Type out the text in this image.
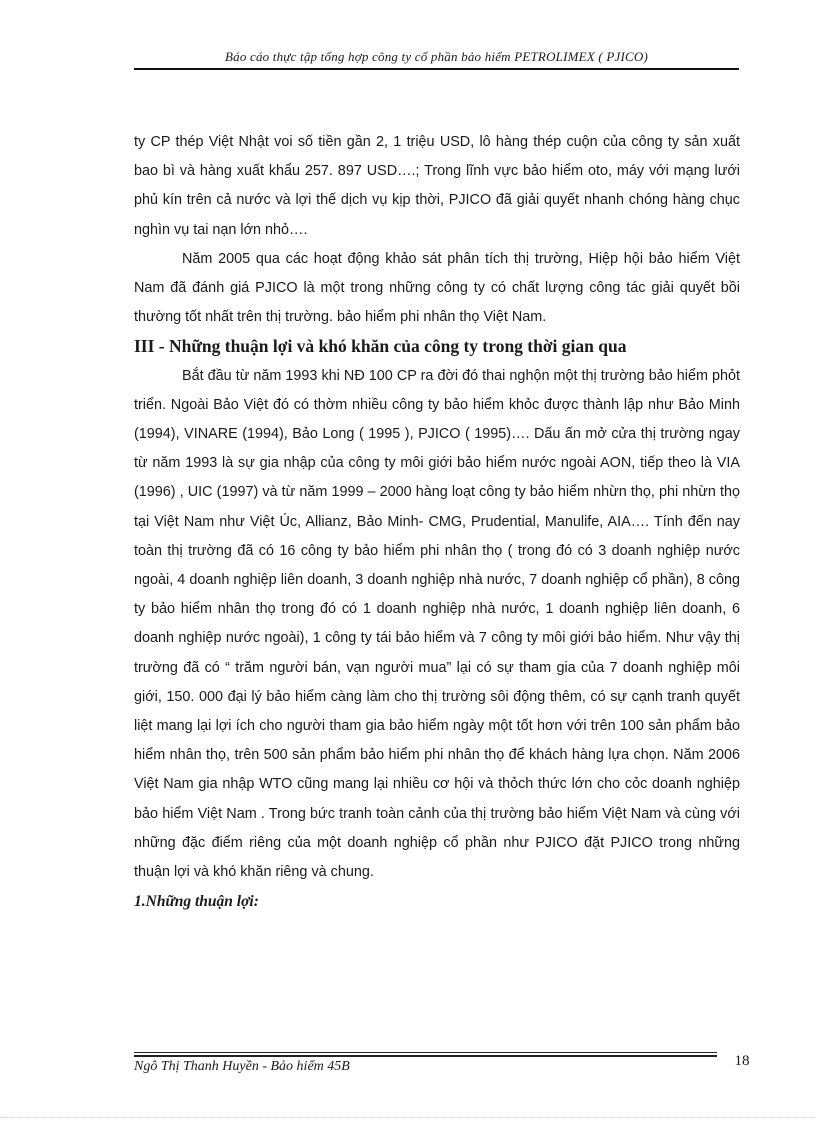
Báo cáo thực tập tổng hợp công ty cổ phần bảo hiểm PETROLIMEX ( PJICO)

ty CP thép Việt Nhật voi số tiền gần 2, 1 triệu USD, lô hàng thép cuộn của công ty sản xuất bao bì và hàng xuất khẩu 257. 897 USD….; Trong lĩnh vực bảo hiểm oto, máy với mạng lưới phủ kín trên cả nước và lợi thế dịch vụ kịp thời, PJICO đã giải quyết nhanh chóng hàng chục nghìn vụ tai nạn lớn nhỏ….

Năm 2005 qua các hoạt động khảo sát phân tích thị trường, Hiệp hội bảo hiểm Việt Nam đã đánh giá PJICO là một trong những công ty có chất lượng công tác giải quyết bồi thường tốt nhất trên thị trường. bảo hiểm phi nhân thọ Việt Nam.

III - Những thuận lợi và khó khăn của công ty trong thời gian qua

Bắt đầu từ năm 1993 khi NĐ 100 CP ra đời đó thai nghộn một thị trường bảo hiểm phỏt triển. Ngoài Bảo Việt đó có thờm nhiều công ty bảo hiểm khỏc được thành lập như Bảo Minh (1994), VINARE (1994), Bảo Long ( 1995 ), PJICO ( 1995)…. Dấu ấn mở cửa thị trường ngay từ năm 1993 là sự gia nhập của công ty môi giới bảo hiểm nước ngoài AON, tiếp theo là VIA (1996) , UIC (1997) và từ năm 1999 – 2000 hàng loạt công ty bảo hiểm nhừn thọ, phi nhừn thọ tại Việt Nam như Việt Úc, Allianz, Bảo Minh- CMG, Prudential, Manulife, AIA…. Tính đến nay toàn thị trường đã có 16 công ty bảo hiểm phi nhân thọ ( trong đó có 3 doanh nghiệp nước ngoài, 4 doanh nghiệp liên doanh, 3 doanh nghiệp nhà nước, 7 doanh nghiệp cổ phần), 8 công ty bảo hiểm nhân thọ trong đó có 1 doanh nghiệp nhà nước, 1 doanh nghiệp liên doanh, 6 doanh nghiệp nước ngoài), 1 công ty tái bảo hiểm và 7 công ty môi giới bảo hiểm. Như vậy thị trường đã có “ trăm người bán, vạn người mua” lại có sự tham gia của 7 doanh nghiệp môi giới, 150. 000 đại lý bảo hiểm càng làm cho thị trường sôi động thêm, có sự cạnh tranh quyết liệt mang lại lợi ích cho người tham gia bảo hiểm ngày một tốt hơn với trên 100 sản phẩm bảo hiểm nhân thọ, trên 500 sản phẩm bảo hiểm phi nhân thọ để khách hàng lựa chọn. Năm 2006 Việt Nam gia nhập WTO cũng mang lại nhiều cơ hội và thỏch thức lớn cho cỏc doanh nghiệp bảo hiểm Việt Nam . Trong bức tranh toàn cảnh của thị trường bảo hiểm Việt Nam và cùng với những đặc điểm riêng của một doanh nghiệp cổ phần như PJICO đặt PJICO trong những thuận lợi và khó khăn riêng và chung.

1.Những thuận lợi:

Ngô Thị Thanh Huyền - Bảo hiểm 45B	18
